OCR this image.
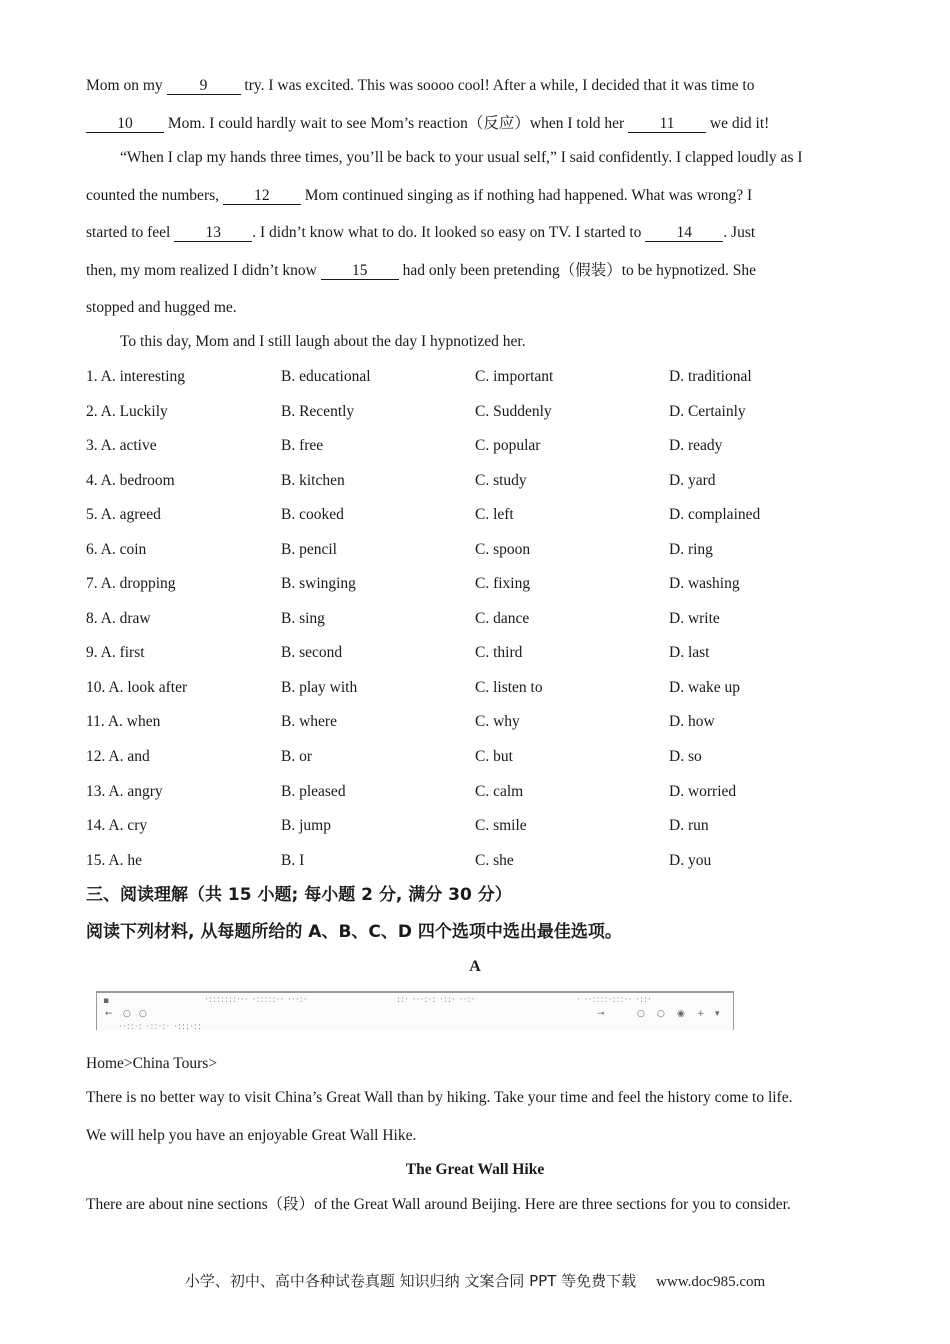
Mom on my 9 try. I was excited. This was soooo cool! After a while, I decided that it was time to
10 Mom. I could hardly wait to see Mom’s reaction（反应）when I told her 11 we did it!
“When I clap my hands three times, you’ll be back to your usual self,” I said confidently. I clapped loudly as I
counted the numbers, 12 Mom continued singing as if nothing had happened. What was wrong? I
started to feel 13 . I didn’t know what to do. It looked so easy on TV. I started to 14 . Just
then, my mom realized I didn’t know 15 had only been pretending（假装）to be hypnotized. She
stopped and hugged me.
To this day, Mom and I still laugh about the day I hypnotized her.
1. A. interesting	B. educational	C. important	D. traditional
2. A. Luckily	B. Recently	C. Suddenly	D. Certainly
3. A. active	B. free	C. popular	D. ready
4. A. bedroom	B. kitchen	C. study	D. yard
5. A. agreed	B. cooked	C. left	D. complained
6. A. coin	B. pencil	C. spoon	D. ring
7. A. dropping	B. swinging	C. fixing	D. washing
8. A. draw	B. sing	C. dance	D. write
9. A. first	B. second	C. third	D. last
10. A. look after	B. play with	C. listen to	D. wake up
11. A. when	B. where	C. why	D. how
12. A. and	B. or	C. but	D. so
13. A. angry	B. pleased	C. calm	D. worried
14. A. cry	B. jump	C. smile	D. run
15. A. he	B. I	C. she	D. you
三、阅读理解（共 15 小题; 每小题 2 分, 满分 30 分）
阅读下列材料, 从每题所给的 A、B、C、D 四个选项中选出最佳选项。
A
▪
← ○ ○
·:::::::··· ·:::::·· ···:·	::· ···:·: ·::· ··:·	· ··::::·:::·· ·::·
⊸	○ ○ ◉ + ▾
··::·: ·::·:· ·:::·::
Home>China Tours>
There is no better way to visit China’s Great Wall than by hiking. Take your time and feel the history come to life.
We will help you have an enjoyable Great Wall Hike.
The Great Wall Hike
There are about nine sections（段）of the Great Wall around Beijing. Here are three sections for you to consider.
小学、初中、高中各种试卷真题 知识归纳 文案合同 PPT 等免费下载 www.doc985.com
